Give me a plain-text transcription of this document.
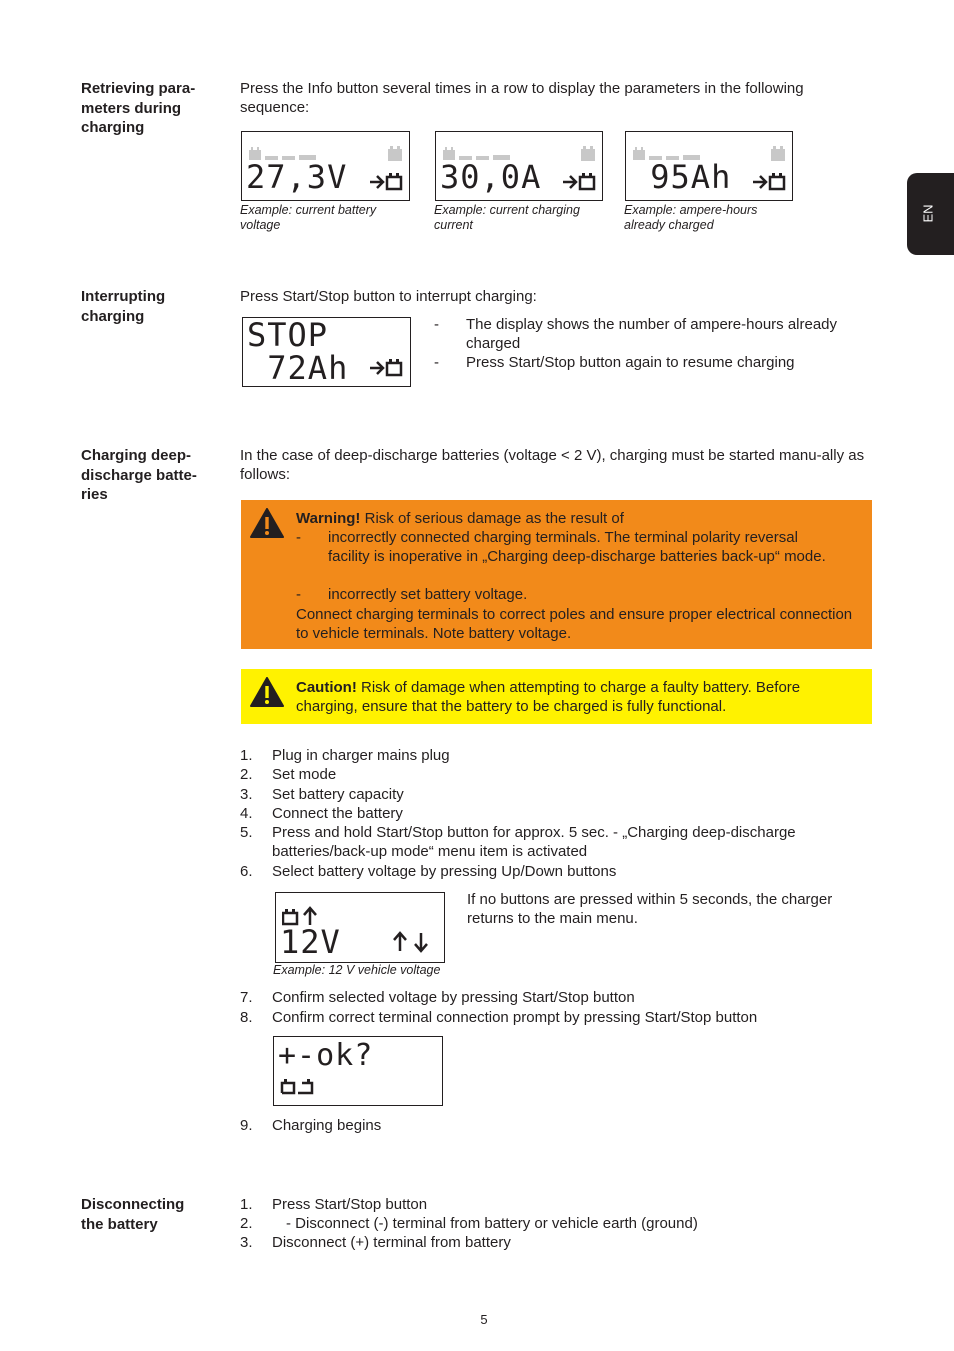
EN
Retrieving para-
meters during
charging
Press the Info button several times in a row to display the parameters in the following sequence:
27,3V
Example: current battery voltage
30,0A
Example: current charging current
95Ah
Example: ampere-hours already charged
Interrupting
charging
Press Start/Stop button to interrupt charging:
STOP
72Ah
- The display shows the number of ampere-hours already charged
- Press Start/Stop button again to resume charging
Charging deep-
discharge batte-
ries
In the case of deep-discharge batteries (voltage < 2 V), charging must be started manu-ally as follows:
Warning! Risk of serious damage as the result of
- incorrectly connected charging terminals. The terminal polarity reversal facility is inoperative in „Charging deep-discharge batteries back-up“ mode.
- incorrectly set battery voltage.
Connect charging terminals to correct poles and ensure proper electrical connection to vehicle terminals. Note battery voltage.
Caution! Risk of damage when attempting to charge a faulty battery. Before charging, ensure that the battery to be charged is fully functional.
1. Plug in charger mains plug
2. Set mode
3. Set battery capacity
4. Connect the battery
5. Press and hold Start/Stop button for approx. 5 sec. - „Charging deep-discharge batteries/back-up mode“ menu item is activated
6. Select battery voltage by pressing Up/Down buttons
12V
Example: 12 V vehicle voltage
If no buttons are pressed within 5 seconds, the charger returns to the main menu.
7. Confirm selected voltage by pressing Start/Stop button
8. Confirm correct terminal connection prompt by pressing Start/Stop button
+-ok?
9. Charging begins
Disconnecting
the battery
1. Press Start/Stop button
2. - Disconnect (-) terminal from battery or vehicle earth (ground)
3. Disconnect (+) terminal from battery
5
